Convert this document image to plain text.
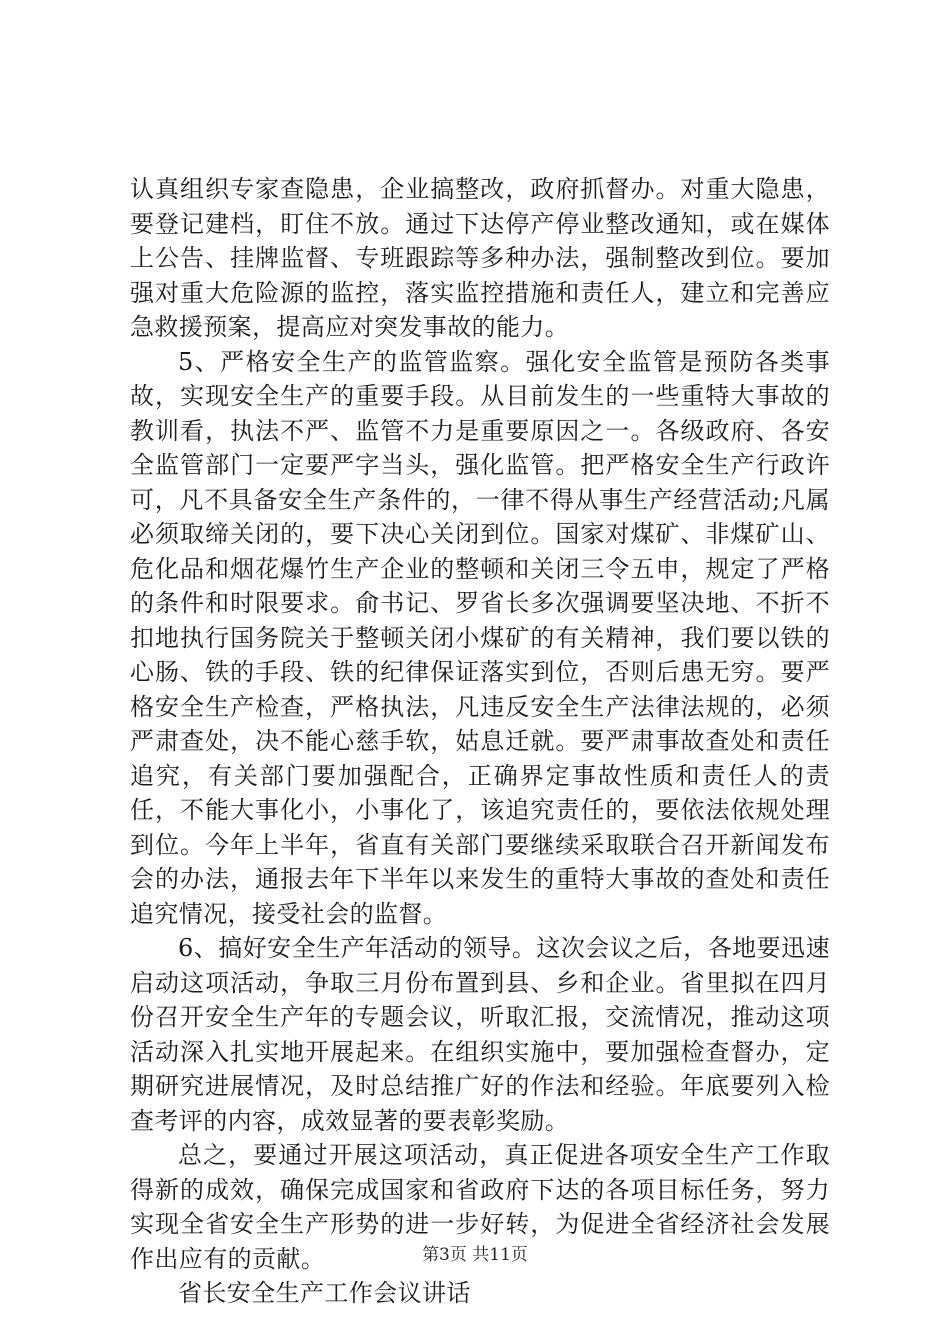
认真组织专家查隐患，企业搞整改，政府抓督办。对重大隐患，要登记建档，盯住不放。通过下达停产停业整改通知，或在媒体上公告、挂牌监督、专班跟踪等多种办法，强制整改到位。要加强对重大危险源的监控，落实监控措施和责任人，建立和完善应急救援预案，提高应对突发事故的能力。

5、严格安全生产的监管监察。强化安全监管是预防各类事故，实现安全生产的重要手段。从目前发生的一些重特大事故的教训看，执法不严、监管不力是重要原因之一。各级政府、各安全监管部门一定要严字当头，强化监管。把严格安全生产行政许可，凡不具备安全生产条件的，一律不得从事生产经营活动;凡属必须取缔关闭的，要下决心关闭到位。国家对煤矿、非煤矿山、危化品和烟花爆竹生产企业的整顿和关闭三令五申，规定了严格的条件和时限要求。俞书记、罗省长多次强调要坚决地、不折不扣地执行国务院关于整顿关闭小煤矿的有关精神，我们要以铁的心肠、铁的手段、铁的纪律保证落实到位，否则后患无穷。要严格安全生产检查，严格执法，凡违反安全生产法律法规的，必须严肃查处，决不能心慈手软，姑息迁就。要严肃事故查处和责任追究，有关部门要加强配合，正确界定事故性质和责任人的责任，不能大事化小，小事化了，该追究责任的，要依法依规处理到位。今年上半年，省直有关部门要继续采取联合召开新闻发布会的办法，通报去年下半年以来发生的重特大事故的查处和责任追究情况，接受社会的监督。

6、搞好安全生产年活动的领导。这次会议之后，各地要迅速启动这项活动，争取三月份布置到县、乡和企业。省里拟在四月份召开安全生产年的专题会议，听取汇报，交流情况，推动这项活动深入扎实地开展起来。在组织实施中，要加强检查督办，定期研究进展情况，及时总结推广好的作法和经验。年底要列入检查考评的内容，成效显著的要表彰奖励。

总之，要通过开展这项活动，真正促进各项安全生产工作取得新的成效，确保完成国家和省政府下达的各项目标任务，努力实现全省安全生产形势的进一步好转，为促进全省经济社会发展作出应有的贡献。

省长安全生产工作会议讲话

第3页 共11页
